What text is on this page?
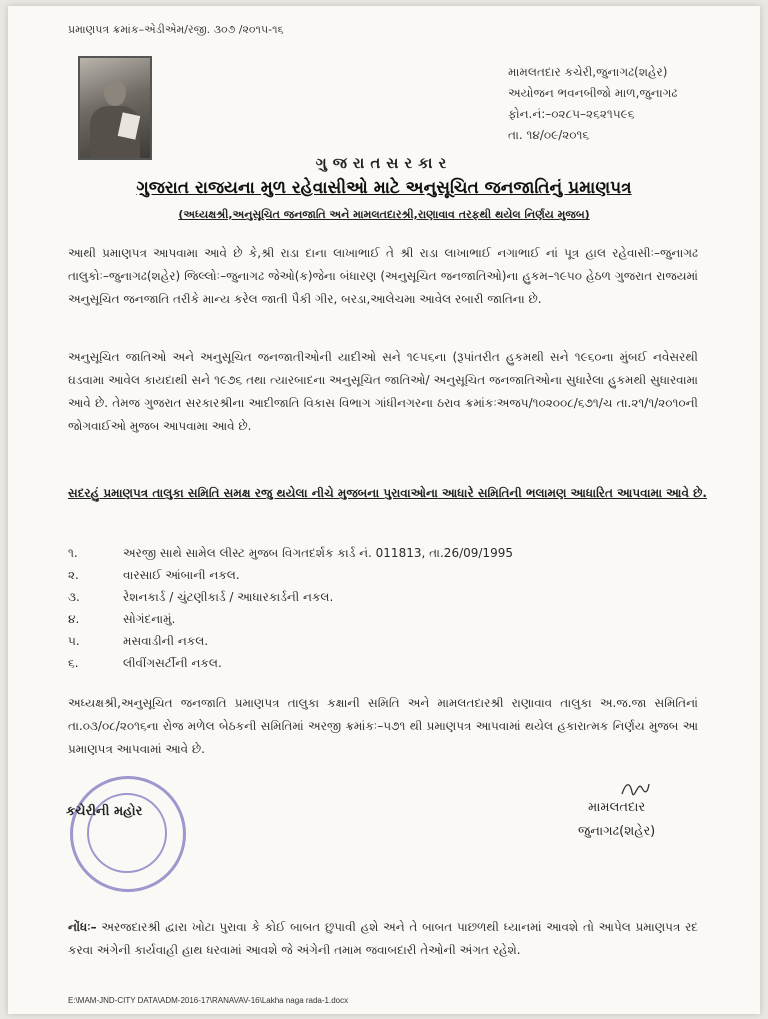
પ્રમાણપત્ર ક્રમાંક–એડીએમ/રજી. ૩૦૭ /૨૦૧૫-૧૬
મામલતદાર કચેરી,જુનાગઢ(શહેર)
અયોજન ભવનબીજો માળ,જુનાગઢ
ફોન.નં:–૦૨૮૫–૨૬૨૧૫૯૬
તા. ૧૪/૦૯/૨૦૧૬
ગુજરાતસરકાર
ગુજરાત રાજયના મુળ રહેવાસીઓ માટે અનુસૂચિત જનજાતિનું પ્રમાણપત્ર
(અધ્યક્ષશ્રી,અનુસૂચિત જનજાતિ અને મામલતદારશ્રી,રાણાવાવ તરફથી થયેલ નિર્ણય મુજબ)
આથી પ્રમાણપત્ર આપવામા આવે છે કે,શ્રી રાડા દાના લાખાભાઈ તે શ્રી રાડા લાખાભાઈ નગાભાઈ નાં પૂત્ર હાલ રહેવાસીઃ–જુનાગઢ તાલુકોઃ–જુનાગઢ(શહેર) જિલ્લોઃ–જુનાગઢ જેઓ(ક)જેના બંધારણ (અનુસૂચિત જનજાતિઓ)ના હુકમ–૧૯૫૦ હેઠળ ગુજરાત રાજયમાં અનુસૂચિત જનજાતિ તરીકે માન્ય કરેલ જાતી પૈકી ગીર, બરડા,આલેચમા આવેલ રબારી જાતિના છે.
અનુસૂચિત જાતિઓ અને અનુસૂચિત જનજાતીઓની યાદીઓ સને ૧૯૫૬ના (રૂપાંતરીત હુકમથી સને ૧૯૬૦ના મુંબઈ નવેસરથી ઘડવામા આવેલ કાયદાથી સને ૧૯૭૬ તથા ત્યારબાદના અનુસૂચિત જાતિઓ/ અનુસૂચિત જનજાતિઓના સુધારેલા હુકમથી સુધારવામા આવે છે. તેમજ ગુજરાત સરકારશ્રીના આદીજાતિ વિકાસ વિભાગ ગાંધીનગરના ઠરાવ ક્રમાંકઃઅજપ/૧૦૨૦૦૮/૬૭૧/ચ તા.૨૧/૧/૨૦૧૦ની જોગવાઈઓ મુજબ આપવામા આવે છે.
સદરહું પ્રમાણપત્ર તાલુકા સમિતિ સમક્ષ રજુ થયેલા નીચે મુજબના પુરાવાઓના આધારે સમિતિની ભલામણ આધારિત આપવામા આવે છે.
૧.	અરજી સાથે સામેલ લીસ્ટ મુજબ વિગતદર્શક કાર્ડ નં. 011813, તા.26/09/1995
૨.	વારસાઈ આંબાની નકલ.
૩.	રેશનકાર્ડ / ચુંટણીકાર્ડ / આધારકાર્ડની નકલ.
૪.	સોગંદનામું.
૫.	મસવાડીની નકલ.
૬.	લીવીંગસર્ટીની નકલ.
અધ્યક્ષશ્રી,અનુસૂચિત જનજાતિ પ્રમાણપત્ર તાલુકા કક્ષાની સમિતિ અને મામલતદારશ્રી રાણાવાવ તાલુકા અ.જ.જા સમિતિનાં તા.૦૩/૦૮/૨૦૧૬ના રોજ મળેલ બેઠકની સમિતિમાં અરજી ક્રમાંકઃ–૫૭૧ થી પ્રમાણપત્ર આપવામાં થયેલ હકારાત્મક નિર્ણય મુજબ આ પ્રમાણપત્ર આપવામાં આવે છે.
કચેરીની મહોર	મામલતદાર
જુનાગઢ(શહેર)
નોંધઃ– અરજદારશ્રી દ્વારા ખોટા પુરાવા કે કોઈ બાબત છુપાવી હશે અને તે બાબત પાછળથી ધ્યાનમાં આવશે તો આપેલ પ્રમાણપત્ર રદ કરવા અંગેની કાર્યવાહી હાથ ધરવામાં આવશે જે અંગેની તમામ જવાબદારી તેઓની અંગત રહેશે.
E:\MAM-JND-CITY DATA\ADM-2016-17\RANAVAV-16\Lakha naga rada-1.docx
